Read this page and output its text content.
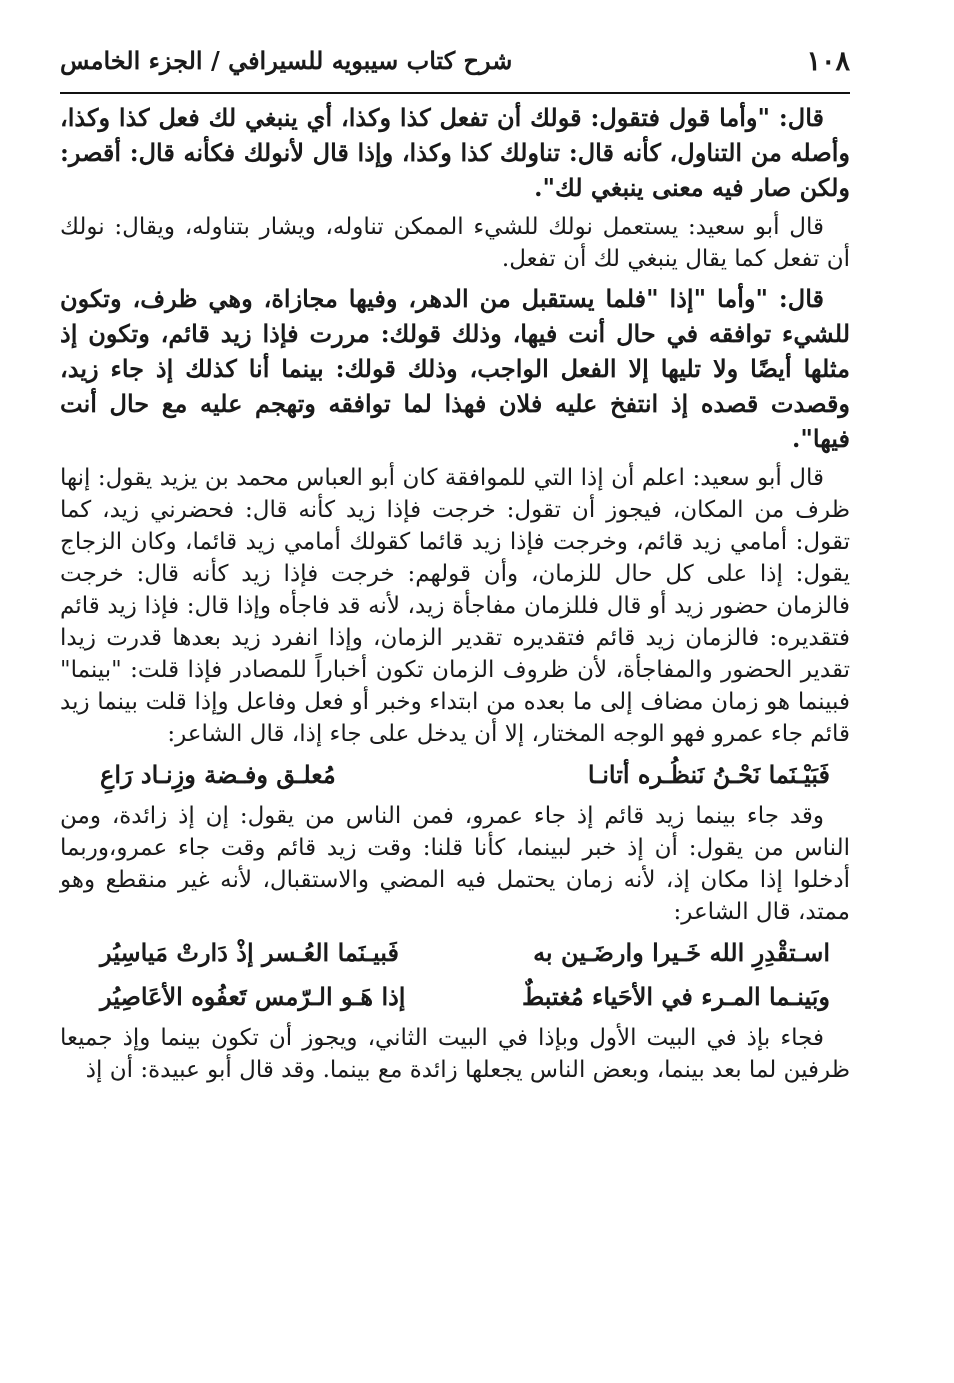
١٠٨
شرح كتاب سيبويه للسيرافي / الجزء الخامس

قال: "وأما قول فتقول: قولك أن تفعل كذا وكذا، أي ينبغي لك فعل كذا وكذا، وأصله من التناول، كأنه قال: تناولك كذا وكذا، وإذا قال لأنولك فكأنه قال: أقصر: ولكن صار فيه معنى ينبغي لك".

قال أبو سعيد: يستعمل نولك للشيء الممكن تناوله، ويشار بتناوله، ويقال: نولك أن تفعل كما يقال ينبغي لك أن تفعل.

قال: "وأما "إذا "فلما يستقبل من الدهر، وفيها مجازاة، وهي ظرف، وتكون للشيء توافقه في حال أنت فيها، وذلك قولك: مررت فإذا زيد قائم، وتكون إذ مثلها أيضًا ولا تليها إلا الفعل الواجب، وذلك قولك: بينما أنا كذلك إذ جاء زيد، وقصدت قصده إذ انتفخ عليه فلان فهذا لما توافقه وتهجم عليه مع حال أنت فيها".

قال أبو سعيد: اعلم أن إذا التي للموافقة كان أبو العباس محمد بن يزيد يقول: إنها ظرف من المكان، فيجوز أن تقول: خرجت فإذا زيد كأنه قال: فحضرني زيد، كما تقول: أمامي زيد قائم، وخرجت فإذا زيد قائما كقولك أمامي زيد قائما، وكان الزجاج يقول: إذا على كل حال للزمان، وأن قولهم: خرجت فإذا زيد كأنه قال: خرجت فالزمان حضور زيد أو قال فللزمان مفاجأة زيد، لأنه قد فاجأه وإذا قال: فإذا زيد قائم فتقديره: فالزمان زيد قائم فتقديره تقدير الزمان، وإذا انفرد زيد بعدها قدرت زيدا تقدير الحضور والمفاجأة، لأن ظروف الزمان تكون أخباراً للمصادر فإذا قلت: "بينما" فبينما هو زمان مضاف إلى ما بعده من ابتداء وخبر أو فعل وفاعل وإذا قلت بينما زيد قائم جاء عمرو فهو الوجه المختار، إلا أن يدخل على جاء إذا، قال الشاعر:

فَبَيْـنَما نَحْـنُ نَنظُـره أتانـا
مُعلـق وفـضة وزِنـاد رَاعِ

وقد جاء بينما زيد قائم إذ جاء عمرو، فمن الناس من يقول: إن إذ زائدة، ومن الناس من يقول: أن إذ خبر لبينما، كأنا قلنا: وقت زيد قائم وقت جاء عمرو،وربما أدخلوا إذا مكان إذ، لأنه زمان يحتمل فيه المضي والاستقبال، لأنه غير منقطع وهو ممتد، قال الشاعر:

اسـتقْدِرِ الله خَـيرا وارضَـين به
فَبيـنَما العُـسر إذْ دَارتْ مَياسِيُر
وبَينـما المـرء في الأحَياء مُغتبطٌ
إذا هَـو الـرّمس تَعفُوه الأعَاصِيُر

فجاء بإذ في البيت الأول وبإذا في البيت الثاني، ويجوز أن تكون بينما وإذ جميعا ظرفين لما بعد بينما، وبعض الناس يجعلها زائدة مع بينما. وقد قال أبو عبيدة: أن إذ
